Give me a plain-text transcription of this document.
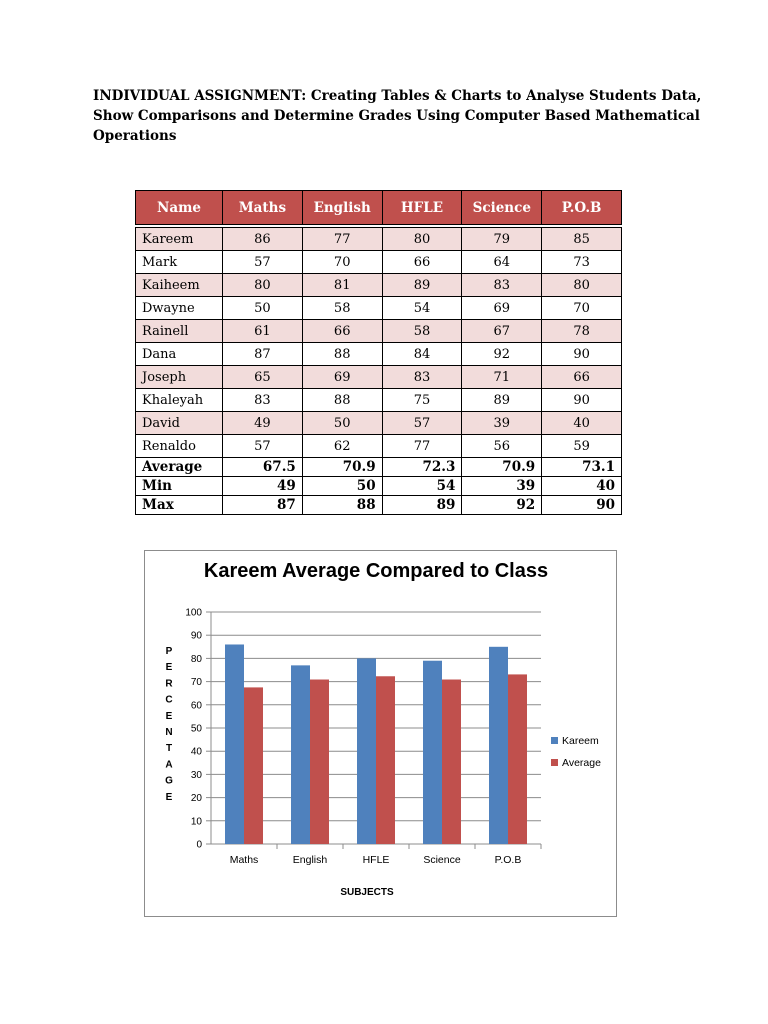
INDIVIDUAL ASSIGNMENT: Creating Tables & Charts to Analyse Students Data,
Show Comparisons and Determine Grades Using Computer Based Mathematical
Operations
Name	Maths	English	HFLE	Science	P.O.B

Kareem	86	77	80	79	85
Mark	57	70	66	64	73
Kaiheem	80	81	89	83	80
Dwayne	50	58	54	69	70
Rainell	61	66	58	67	78
Dana	87	88	84	92	90
Joseph	65	69	83	71	66
Khaleyah	83	88	75	89	90
David	49	50	57	39	40
Renaldo	57	62	77	56	59
Average	67.5	70.9	72.3	70.9	73.1
Min	49	50	54	39	40
Max	87	88	89	92	90
Kareem Average Compared to Class
0
10
20
30
40
50
60
70
80
90
100
Maths	English	HFLE	Science	P.O.B
SUBJECTS
P E R C E N T A G E
Kareem
Average
